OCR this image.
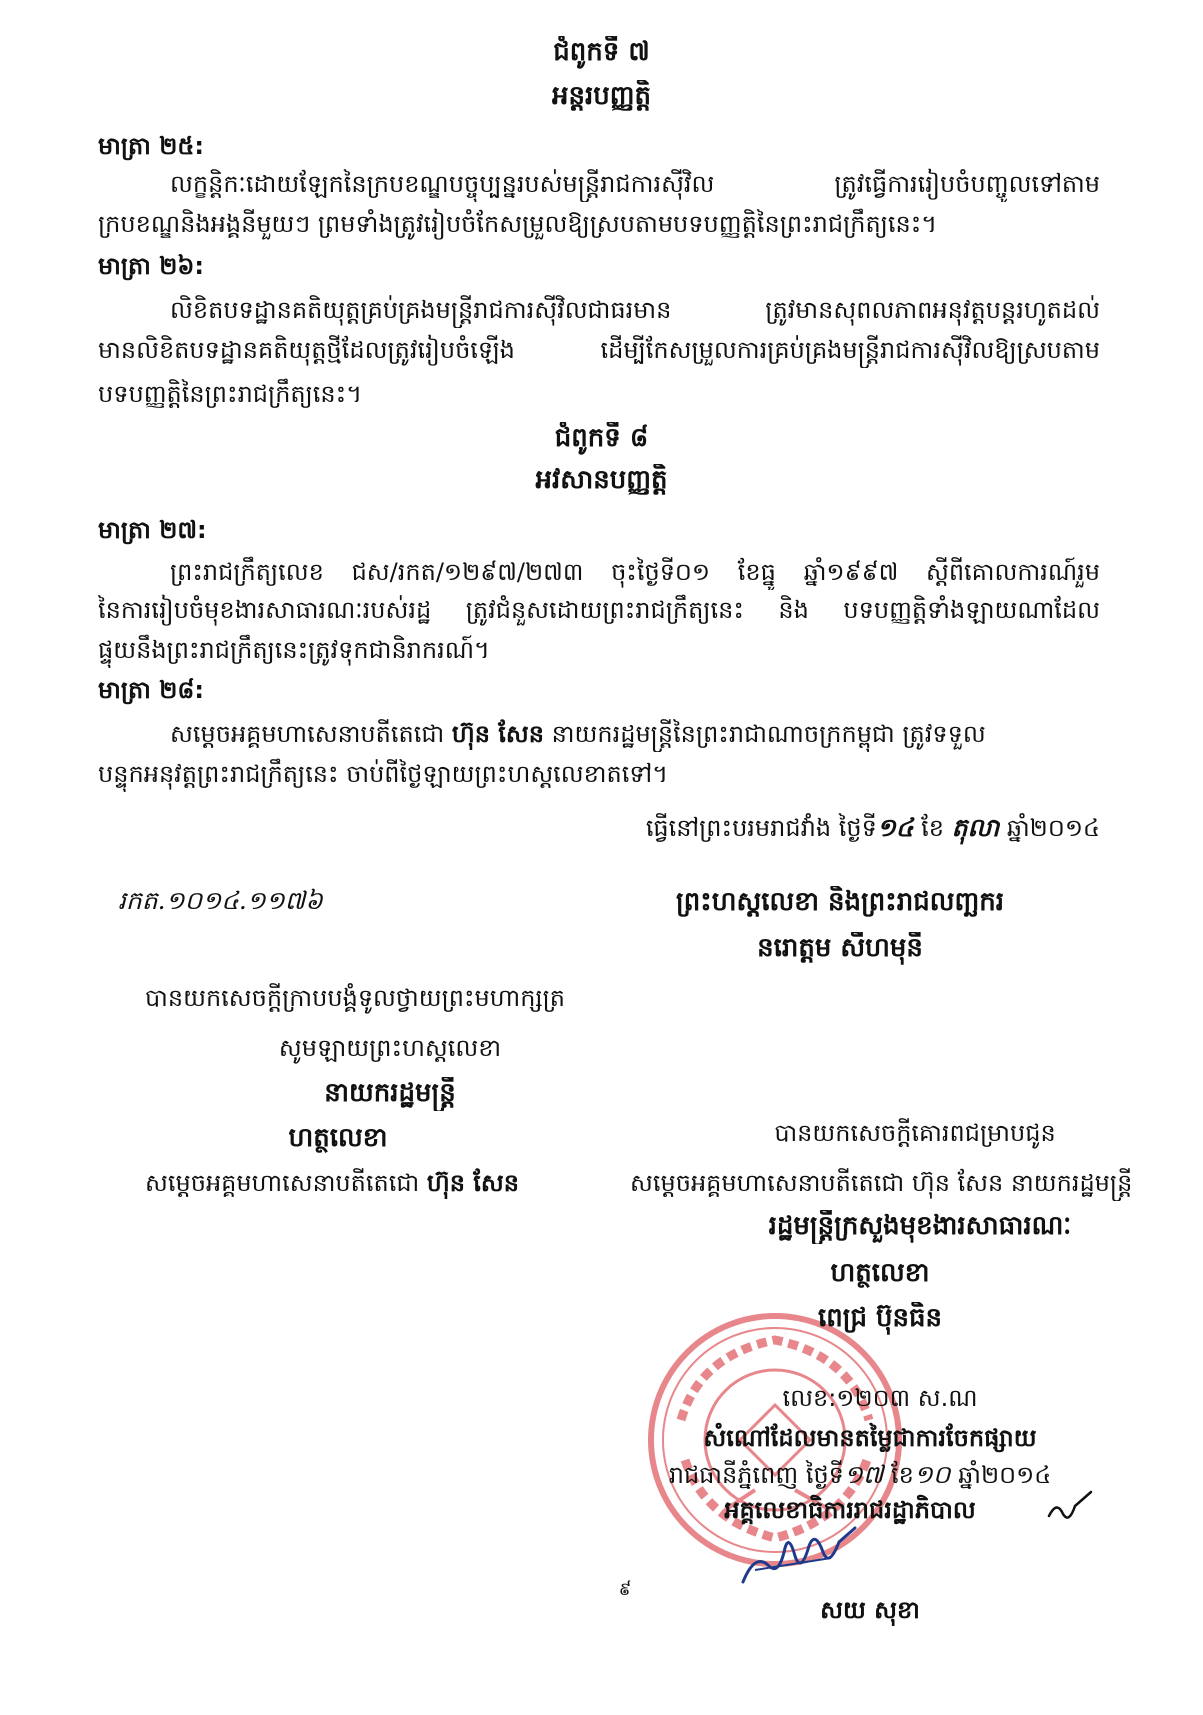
ជំពូកទី ៧
អន្តរបញ្ញត្តិ
មាត្រា ២៥:
លក្ខន្តិកៈដោយឡែកនៃក្របខណ្ឌបច្ចុប្បន្នរបស់មន្ត្រីរាជការស៊ីវិល ត្រូវធ្វើការរៀបចំបញ្ចូលទៅតាម
ក្របខណ្ឌនិងអង្គនីមួយៗ ព្រមទាំងត្រូវរៀបចំកែសម្រួលឱ្យស្របតាមបទបញ្ញត្តិនៃព្រះរាជក្រឹត្យនេះ។
មាត្រា ២៦:
លិខិតបទដ្ឋានគតិយុត្តគ្រប់គ្រងមន្ត្រីរាជការស៊ីវិលជាធរមាន ត្រូវមានសុពលភាពអនុវត្តបន្តរហូតដល់
មានលិខិតបទដ្ឋានគតិយុត្តថ្មីដែលត្រូវរៀបចំឡើង ដើម្បីកែសម្រួលការគ្រប់គ្រងមន្ត្រីរាជការស៊ីវិលឱ្យស្របតាម
បទបញ្ញត្តិនៃព្រះរាជក្រឹត្យនេះ។
ជំពូកទី ៨
អវសានបញ្ញត្តិ
មាត្រា ២៧:
ព្រះរាជក្រឹត្យលេខ ជស/រកត/១២៩៧/២៧៣ ចុះថ្ងៃទី០១ ខែធ្នូ ឆ្នាំ១៩៩៧ ស្តីពីគោលការណ៍រួម
នៃការរៀបចំមុខងារសាធារណៈរបស់រដ្ឋ ត្រូវជំនួសដោយព្រះរាជក្រឹត្យនេះ និង បទបញ្ញត្តិទាំងឡាយណាដែល
ផ្ទុយនឹងព្រះរាជក្រឹត្យនេះត្រូវទុកជានិរាករណ៍។
មាត្រា ២៨:
សម្តេចអគ្គមហាសេនាបតីតេជោ ហ៊ុន សែន នាយករដ្ឋមន្ត្រីនៃព្រះរាជាណាចក្រកម្ពុជា ត្រូវទទួល
បន្ទុកអនុវត្តព្រះរាជក្រឹត្យនេះ ចាប់ពីថ្ងៃឡាយព្រះហស្តលេខាតទៅ។
ធ្វើនៅព្រះបរមរាជវាំង ថ្ងៃទី១៤ ខែ តុលា ឆ្នាំ២០១៤
រកត.១០១៤.១១៧៦	ព្រះហស្តលេខា និងព្រះរាជលញ្ឆករ
នរោត្តម សីហមុនី
បានយកសេចក្តីក្រាបបង្គំទូលថ្វាយព្រះមហាក្សត្រ
សូមឡាយព្រះហស្តលេខា
នាយករដ្ឋមន្ត្រី
ហត្ថលេខា
សម្តេចអគ្គមហាសេនាបតីតេជោ ហ៊ុន សែន
បានយកសេចក្តីគោរពជម្រាបជូន
សម្តេចអគ្គមហាសេនាបតីតេជោ ហ៊ុន សែន នាយករដ្ឋមន្ត្រី
រដ្ឋមន្ត្រីក្រសួងមុខងារសាធារណៈ
ហត្ថលេខា
ពេជ្រ ប៊ុនធិន
លេខ:១២០៣ ស.ណ
សំណៅដែលមានតម្លៃជាការចែកផ្សាយ
រាជធានីភ្នំពេញ ថ្ងៃទី១៧ ខែ១០ ឆ្នាំ២០១៤
អគ្គលេខាធិការរាជរដ្ឋាភិបាល
៩
សយ សុខា
